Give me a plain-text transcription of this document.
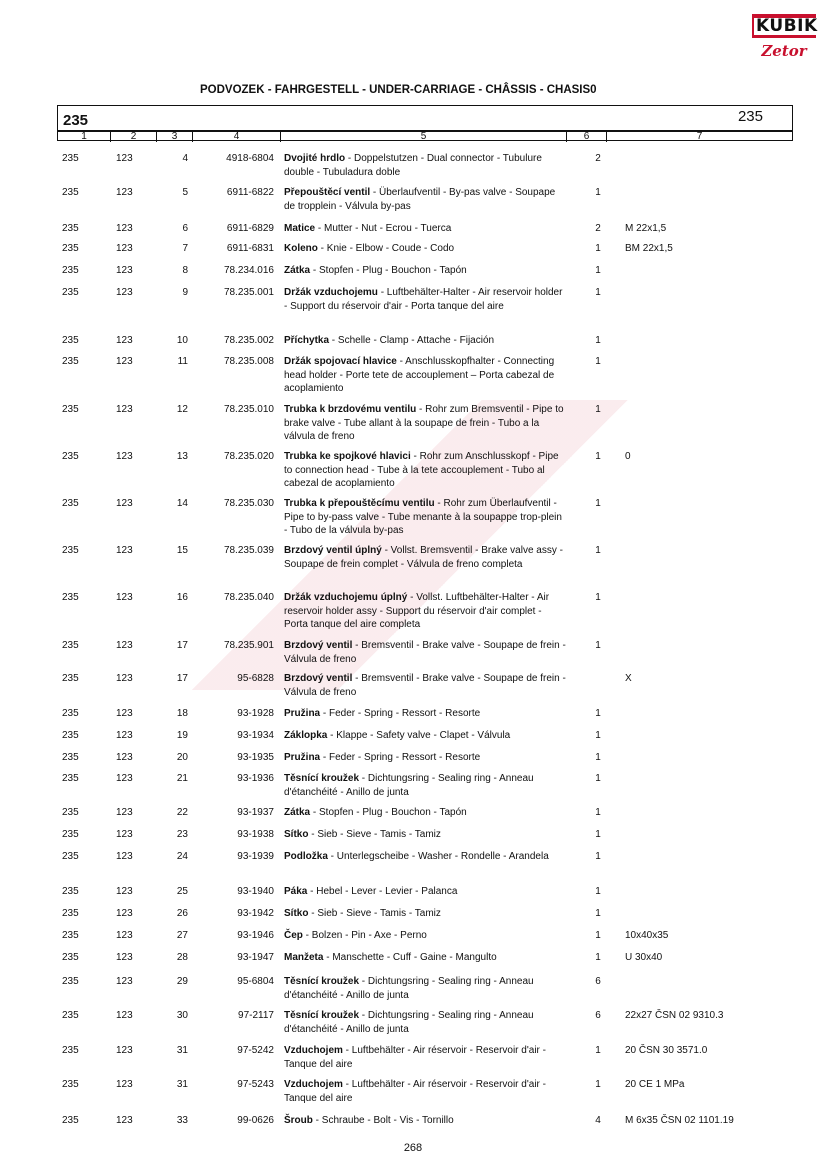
KUBIK
Zetor
PODVOZEK - FAHRGESTELL - UNDER-CARRIAGE - CHÂSSIS - CHASIS0
235	235
1	2	3	4	5	6	7
235	123	4	4918-6804	2
Dvojité hrdlo - Doppelstutzen - Dual connector - Tubulure double - Tubuladura doble
235	123	5	6911-6822	1
Přepouštěcí ventil - Überlaufventil - By-pas valve - Soupape de tropplein - Válvula by-pas
235	123	6	6911-6829	2	M 22x1,5
Matice - Mutter - Nut - Ecrou - Tuerca
235	123	7	6911-6831	1	BM 22x1,5
Koleno - Knie - Elbow - Coude - Codo
235	123	8	78.234.016	1
Zátka - Stopfen - Plug - Bouchon - Tapón
235	123	9	78.235.001	1
Držák vzduchojemu - Luftbehälter-Halter - Air reservoir holder - Support du réservoir d'air - Porta tanque del aire
235	123	10	78.235.002	1
Příchytka - Schelle - Clamp - Attache - Fijación
235	123	11	78.235.008	1
Držák spojovací hlavice - Anschlusskopfhalter - Connecting head holder - Porte tete de accouplement – Porta cabezal de acoplamiento
235	123	12	78.235.010	1
Trubka k brzdovému ventilu - Rohr zum Bremsventil - Pipe to brake valve - Tube allant à la soupape de frein - Tubo a la válvula de freno
235	123	13	78.235.020	1	0
Trubka ke spojkové hlavici - Rohr zum Anschlusskopf - Pipe to connection head - Tube à la tete accouplement - Tubo al cabezal de acoplamiento
235	123	14	78.235.030	1
Trubka k přepouštěcímu ventilu - Rohr zum Überlaufventil - Pipe to by-pass valve - Tube menante à la soupappe trop-plein - Tubo de la válvula by-pas
235	123	15	78.235.039	1
Brzdový ventil úplný - Vollst. Bremsventil - Brake valve assy - Soupape de frein complet - Válvula de freno completa
235	123	16	78.235.040	1
Držák vzduchojemu úplný - Vollst. Luftbehälter-Halter - Air reservoir holder assy - Support du réservoir d'air complet - Porta tanque del aire completa
235	123	17	78.235.901	1
Brzdový ventil - Bremsventil - Brake valve - Soupape de frein - Válvula de freno
235	123	17	95-6828	X
Brzdový ventil - Bremsventil - Brake valve - Soupape de frein - Válvula de freno
235	123	18	93-1928	1
Pružina - Feder - Spring - Ressort - Resorte
235	123	19	93-1934	1
Záklopka - Klappe - Safety valve - Clapet - Válvula
235	123	20	93-1935	1
Pružina - Feder - Spring - Ressort - Resorte
235	123	21	93-1936	1
Těsnící kroužek - Dichtungsring - Sealing ring - Anneau d'étanchéité - Anillo de junta
235	123	22	93-1937	1
Zátka - Stopfen - Plug - Bouchon - Tapón
235	123	23	93-1938	1
Sítko - Sieb - Sieve - Tamis - Tamiz
235	123	24	93-1939	1
Podložka - Unterlegscheibe - Washer - Rondelle - Arandela
235	123	25	93-1940	1
Páka - Hebel - Lever - Levier - Palanca
235	123	26	93-1942	1
Sítko - Sieb - Sieve - Tamis - Tamiz
235	123	27	93-1946	1	10x40x35
Čep - Bolzen - Pin - Axe - Perno
235	123	28	93-1947	1	U 30x40
Manžeta - Manschette - Cuff - Gaine - Mangulto
235	123	29	95-6804	6
Těsnící kroužek - Dichtungsring - Sealing ring - Anneau d'étanchéité - Anillo de junta
235	123	30	97-2117	6	22x27 ČSN 02 9310.3
Těsnící kroužek - Dichtungsring - Sealing ring - Anneau d'étanchéité - Anillo de junta
235	123	31	97-5242	1	20 ČSN 30 3571.0
Vzduchojem - Luftbehälter - Air réservoir - Reservoir d'air - Tanque del aire
235	123	31	97-5243	1	20 CE 1 MPa
Vzduchojem - Luftbehälter - Air réservoir - Reservoir d'air - Tanque del aire
235	123	33	99-0626	4	M 6x35 ČSN 02 1101.19
Šroub - Schraube - Bolt - Vis - Tornillo
268
